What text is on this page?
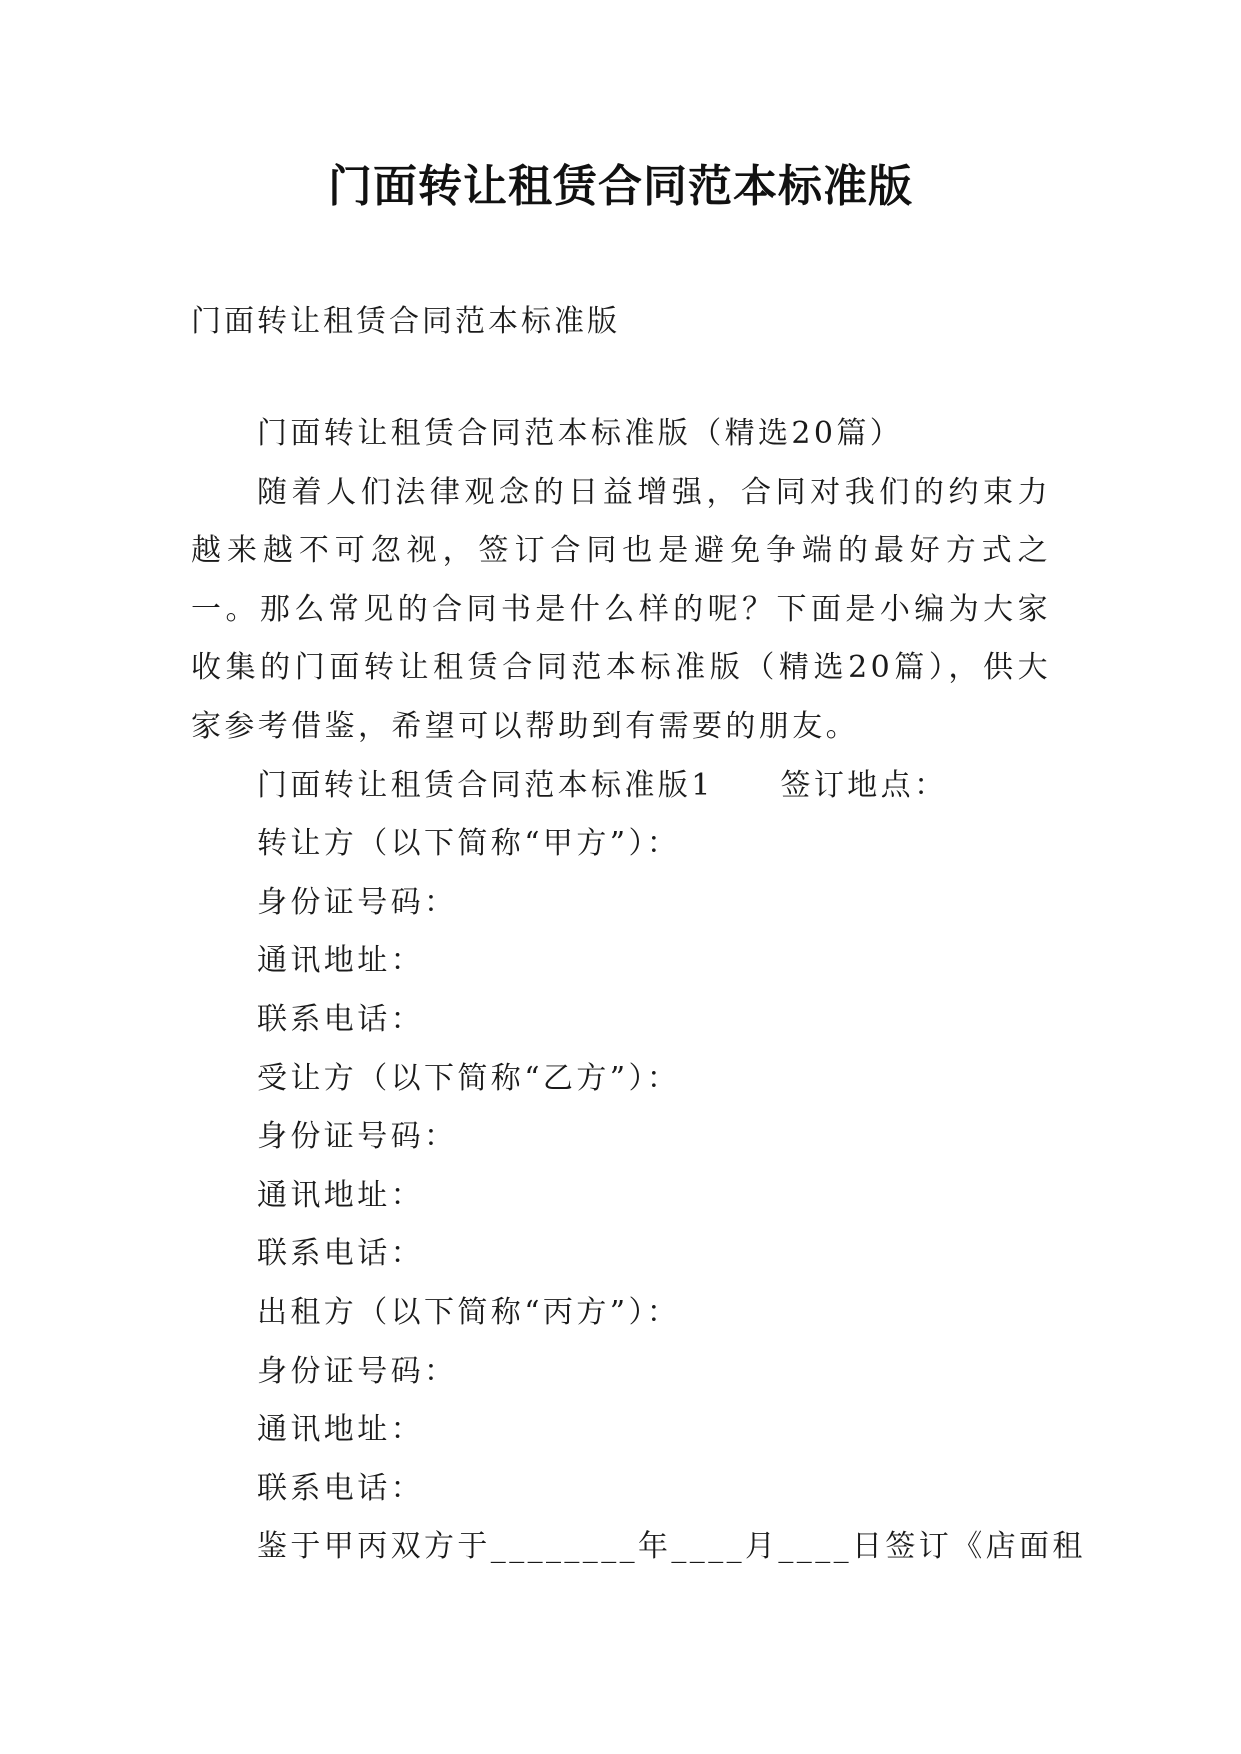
门面转让租赁合同范本标准版
门面转让租赁合同范本标准版

门面转让租赁合同范本标准版（精选20篇）

随着人们法律观念的日益增强，合同对我们的约束力越来越不可忽视，签订合同也是避免争端的最好方式之一。那么常见的合同书是什么样的呢？下面是小编为大家收集的门面转让租赁合同范本标准版（精选20篇），供大家参考借鉴，希望可以帮助到有需要的朋友。

门面转让租赁合同范本标准版1　　签订地点：

转让方（以下简称“甲方”）：

身份证号码：

通讯地址：

联系电话：

受让方（以下简称“乙方”）：

身份证号码：

通讯地址：

联系电话：

出租方（以下简称“丙方”）：

身份证号码：

通讯地址：

联系电话：

鉴于甲丙双方于________年____月____日签订《店面租
